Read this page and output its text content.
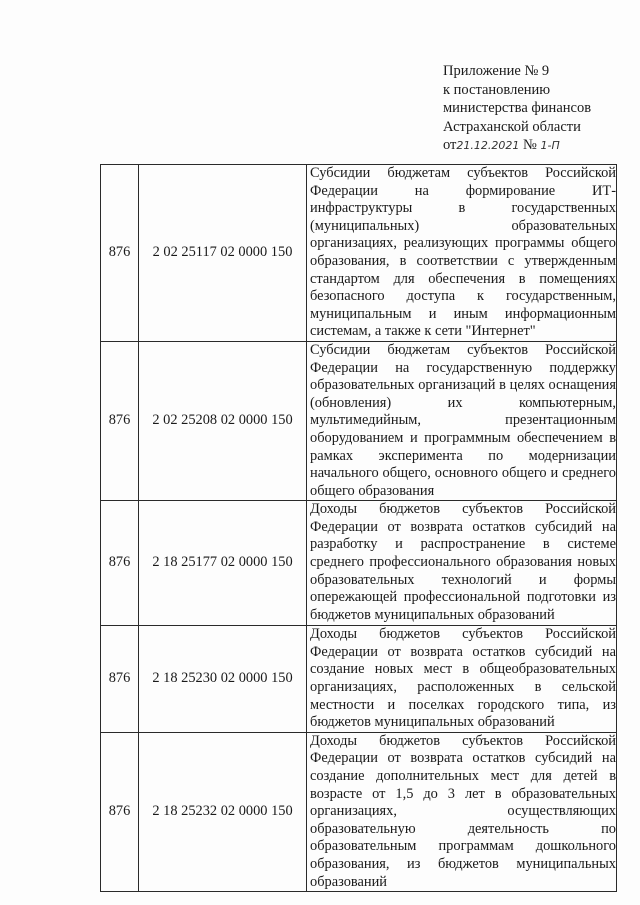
Приложение № 9
к постановлению
министерства финансов
Астраханской области
от21.12.2021 № 1-П
876	2 02 25117 02 0000 150	Субсидии бюджетам субъектов Российской Федерации на формирование ИТ-инфраструктуры в государственных (муниципальных) образовательных организациях, реализующих программы общего образования, в соответствии с утвержденным стандартом для обеспечения в помещениях безопасного доступа к государственным, муниципальным и иным информационным системам, а также к сети "Интернет"

876	2 02 25208 02 0000 150	Субсидии бюджетам субъектов Российской Федерации на государственную поддержку образовательных организаций в целях оснащения (обновления) их компьютерным, мультимедийным, презентационным оборудованием и программным обеспечением в рамках эксперимента по модернизации начального общего, основного общего и среднего общего образования

876	2 18 25177 02 0000 150	Доходы бюджетов субъектов Российской Федерации от возврата остатков субсидий на разработку и распространение в системе среднего профессионального образования новых образовательных технологий и формы опережающей профессиональной подготовки из бюджетов муниципальных образований

876	2 18 25230 02 0000 150	Доходы бюджетов субъектов Российской Федерации от возврата остатков субсидий на создание новых мест в общеобразовательных организациях, расположенных в сельской местности и поселках городского типа, из бюджетов муниципальных образований

876	2 18 25232 02 0000 150	Доходы бюджетов субъектов Российской Федерации от возврата остатков субсидий на создание дополнительных мест для детей в возрасте от 1,5 до 3 лет в образовательных организациях, осуществляющих образовательную деятельность по образовательным программам дошкольного образования, из бюджетов муниципальных образований
